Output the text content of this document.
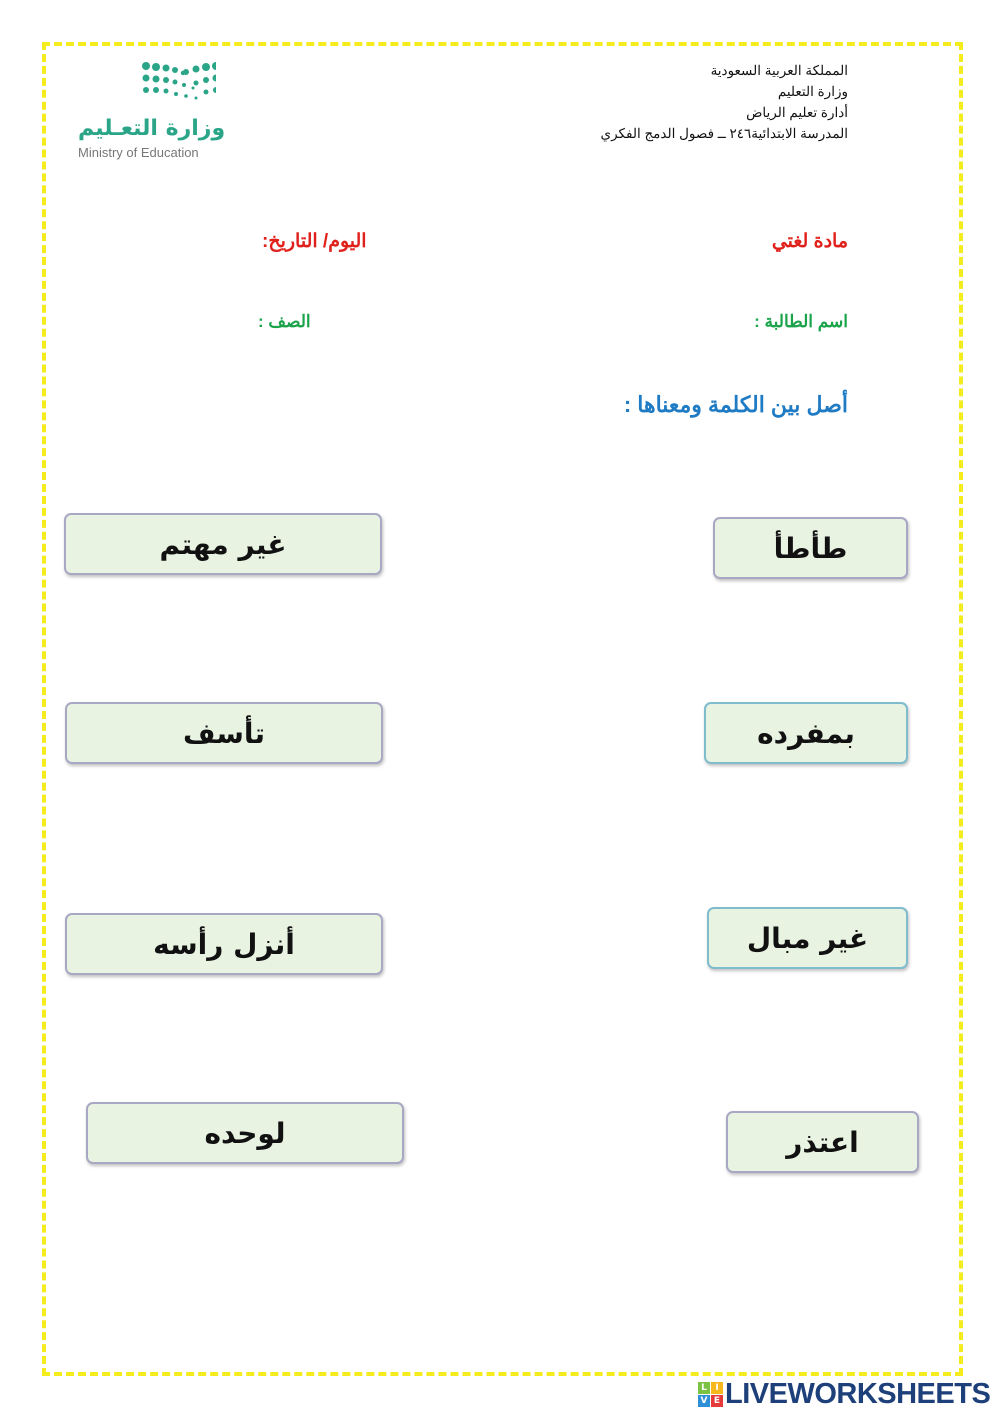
المملكة العربية السعودية
وزارة التعليم
أدارة تعليم الرياض
المدرسة الابتدائية٢٤٦ ــ فصول الدمج الفكري
وزارة التعـليم
Ministry of Education
مادة لغتي
اليوم/ التاريخ:
اسم الطالبة :
الصف :
أصل بين الكلمة ومعناها :
طأطأ
بمفرده
غير مبال
اعتذر
غير مهتم
تأسف
أنزل رأسه
لوحده
L I
V E LIVEWORKSHEETS
